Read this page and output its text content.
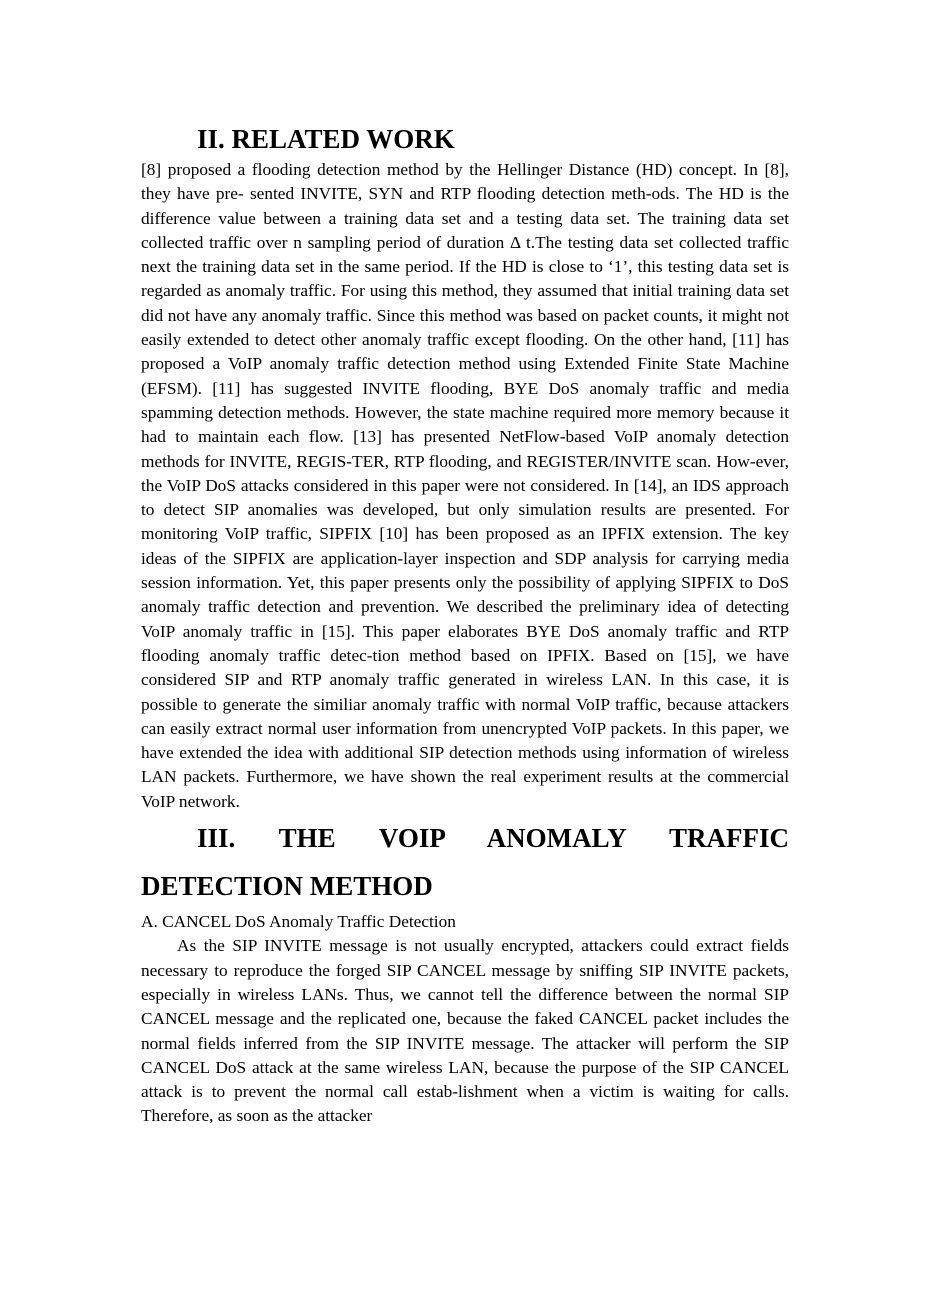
II. RELATED WORK

[8] proposed a flooding detection method by the Hellinger Distance (HD) concept. In [8], they have pre- sented INVITE, SYN and RTP flooding detection meth-ods. The HD is the difference value between a training data set and a testing data set. The training data set collected traffic over n sampling period of duration Δ t.The testing data set collected traffic next the training data set in the same period. If the HD is close to ‘1’, this testing data set is regarded as anomaly traffic. For using this method, they assumed that initial training data set did not have any anomaly traffic. Since this method was based on packet counts, it might not easily extended to detect other anomaly traffic except flooding. On the other hand, [11] has proposed a VoIP anomaly traffic detection method using Extended Finite State Machine (EFSM). [11] has suggested INVITE flooding, BYE DoS anomaly traffic and media spamming detection methods. However, the state machine required more memory because it had to maintain each flow. [13] has presented NetFlow-based VoIP anomaly detection methods for INVITE, REGIS-TER, RTP flooding, and REGISTER/INVITE scan. How-ever, the VoIP DoS attacks considered in this paper were not considered. In [14], an IDS approach to detect SIP anomalies was developed, but only simulation results are presented. For monitoring VoIP traffic, SIPFIX [10] has been proposed as an IPFIX extension. The key ideas of the SIPFIX are application-layer inspection and SDP analysis for carrying media session information. Yet, this paper presents only the possibility of applying SIPFIX to DoS anomaly traffic detection and prevention. We described the preliminary idea of detecting VoIP anomaly traffic in [15]. This paper elaborates BYE DoS anomaly traffic and RTP flooding anomaly traffic detec-tion method based on IPFIX. Based on [15], we have considered SIP and RTP anomaly traffic generated in wireless LAN. In this case, it is possible to generate the similiar anomaly traffic with normal VoIP traffic, because attackers can easily extract normal user information from unencrypted VoIP packets. In this paper, we have extended the idea with additional SIP detection methods using information of wireless LAN packets. Furthermore, we have shown the real experiment results at the commercial VoIP network.

III. THE VOIP ANOMALY TRAFFIC
DETECTION METHOD

A. CANCEL DoS Anomaly Traffic Detection

As the SIP INVITE message is not usually encrypted, attackers could extract fields necessary to reproduce the forged SIP CANCEL message by sniffing SIP INVITE packets, especially in wireless LANs. Thus, we cannot tell the difference between the normal SIP CANCEL message and the replicated one, because the faked CANCEL packet includes the normal fields inferred from the SIP INVITE message. The attacker will perform the SIP CANCEL DoS attack at the same wireless LAN, because the purpose of the SIP CANCEL attack is to prevent the normal call estab-lishment when a victim is waiting for calls. Therefore, as soon as the attacker
